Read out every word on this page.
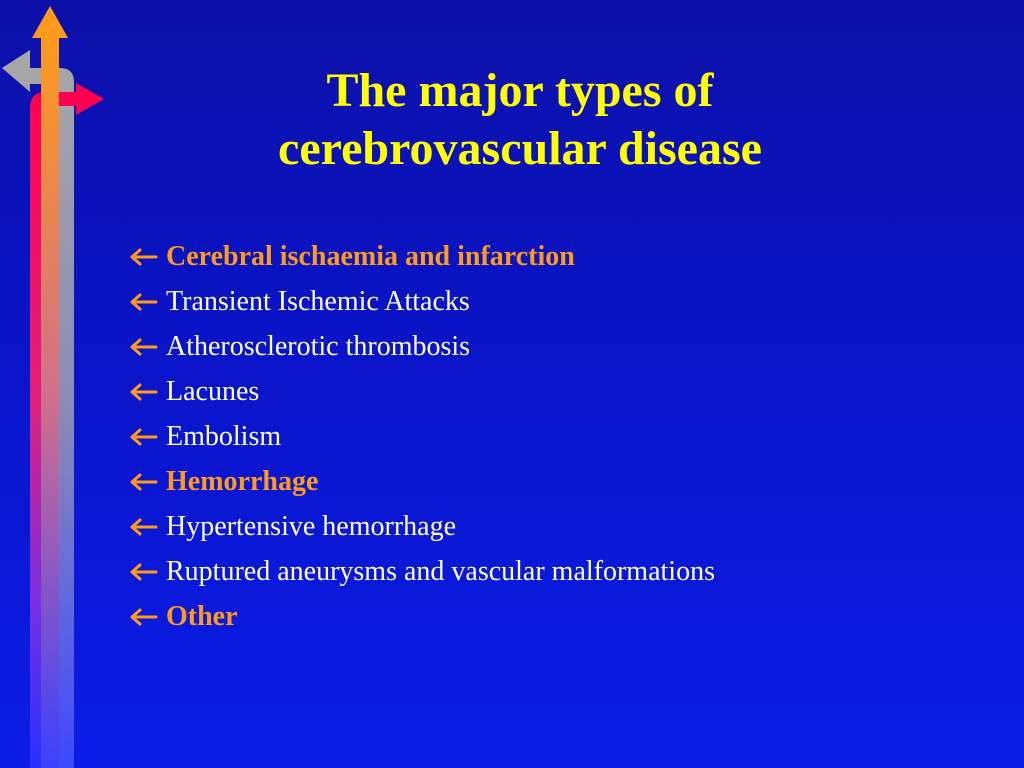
The major types of
cerebrovascular disease
Cerebral ischaemia and infarction
Transient Ischemic Attacks
Atherosclerotic thrombosis
Lacunes
Embolism
Hemorrhage
Hypertensive hemorrhage
Ruptured aneurysms and vascular malformations
Other
